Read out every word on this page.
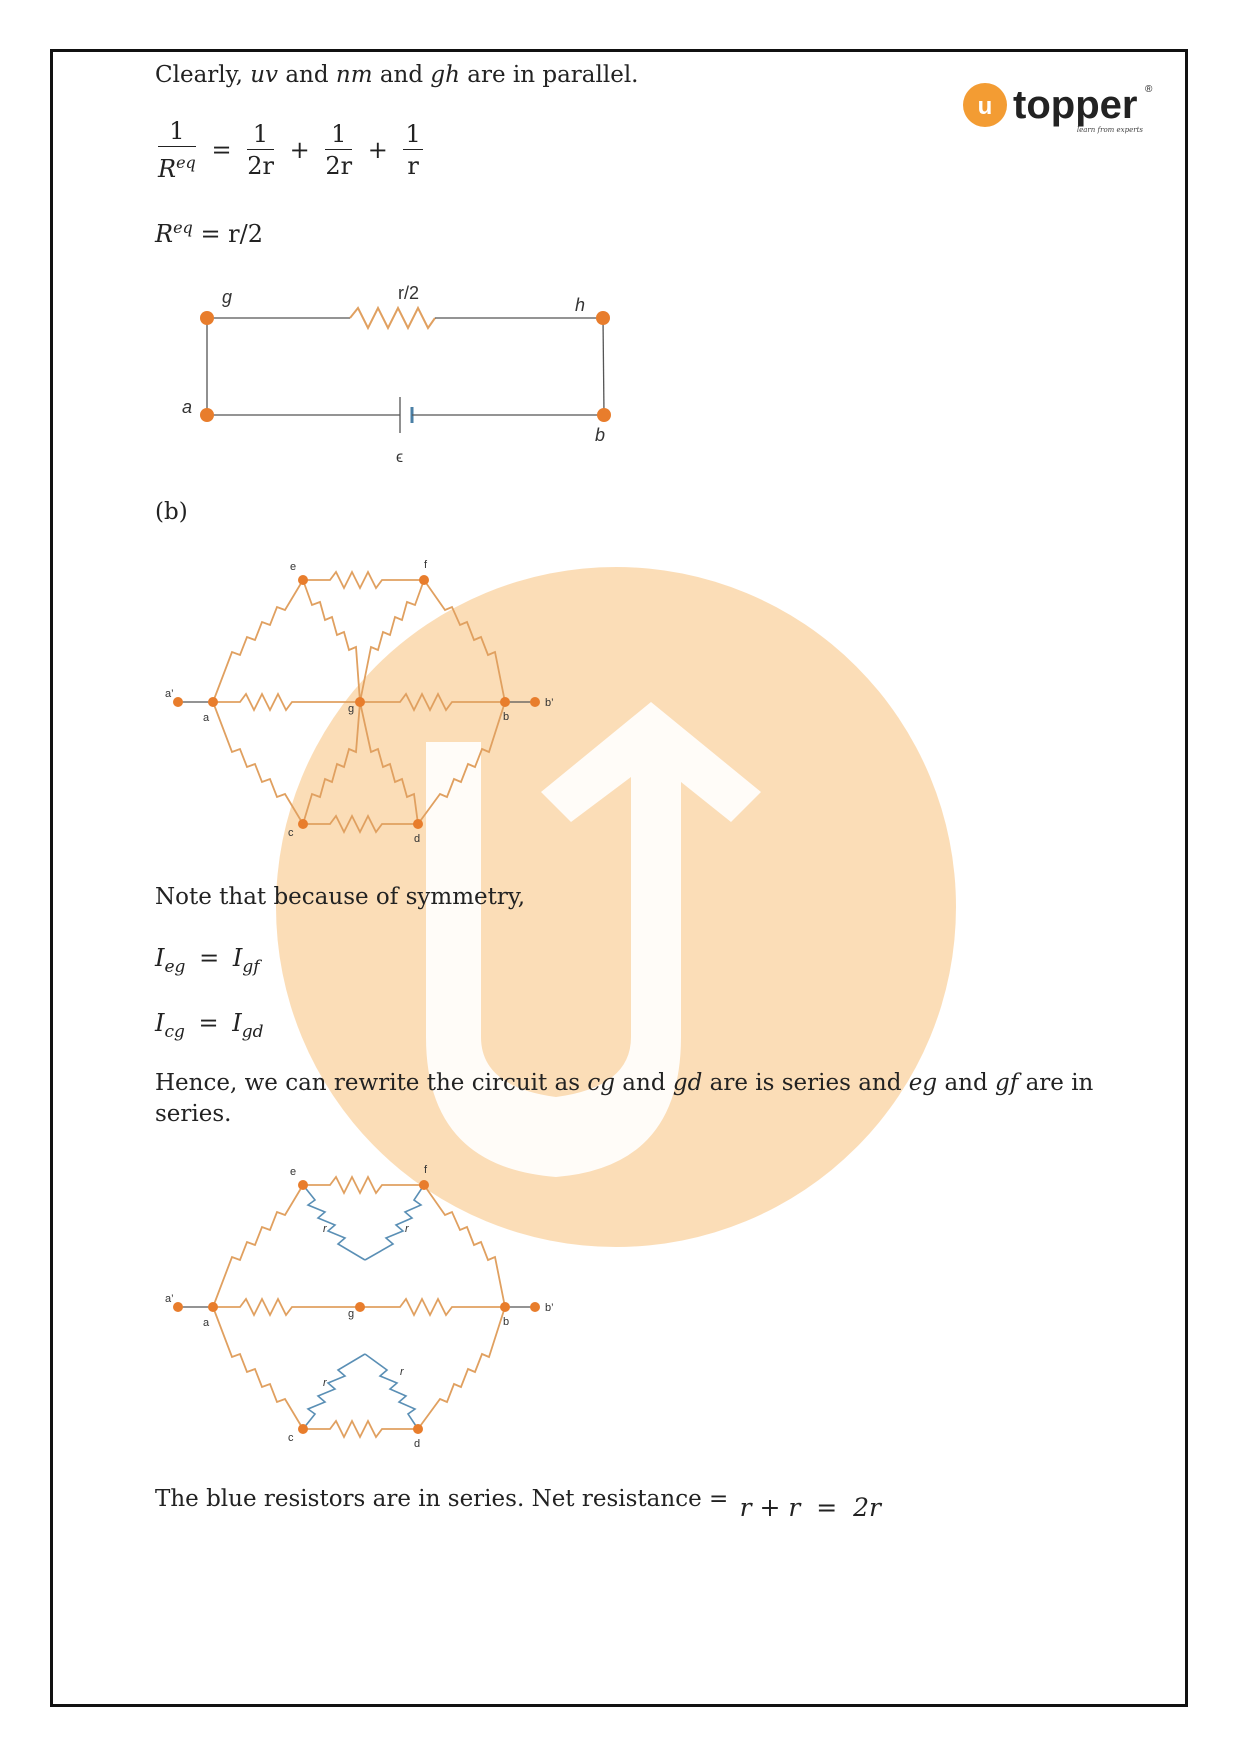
u topper ®
learn from experts
Clearly, uv and nm and gh are in parallel.
$\frac{1}{R^{eq}} = \frac{1}{2r} + \frac{1}{2r} + \frac{1}{r}$
$R^{eq} = r/2$
g	h
a
b
r/2
ϵ
(b)
e	f
a’
a
g
b
b’
c	d
Note that because of symmetry,
$I_{eg} = I_{gf}$
$I_{cg} = I_{gd}$
Hence, we can rewrite the circuit as cg and gd are is series and eg and gf are in
series.
e	f
a’
a
g
b
b’
c	d
r	r
r
r
The blue resistors are in series. Net resistance = r + r  =  2r
